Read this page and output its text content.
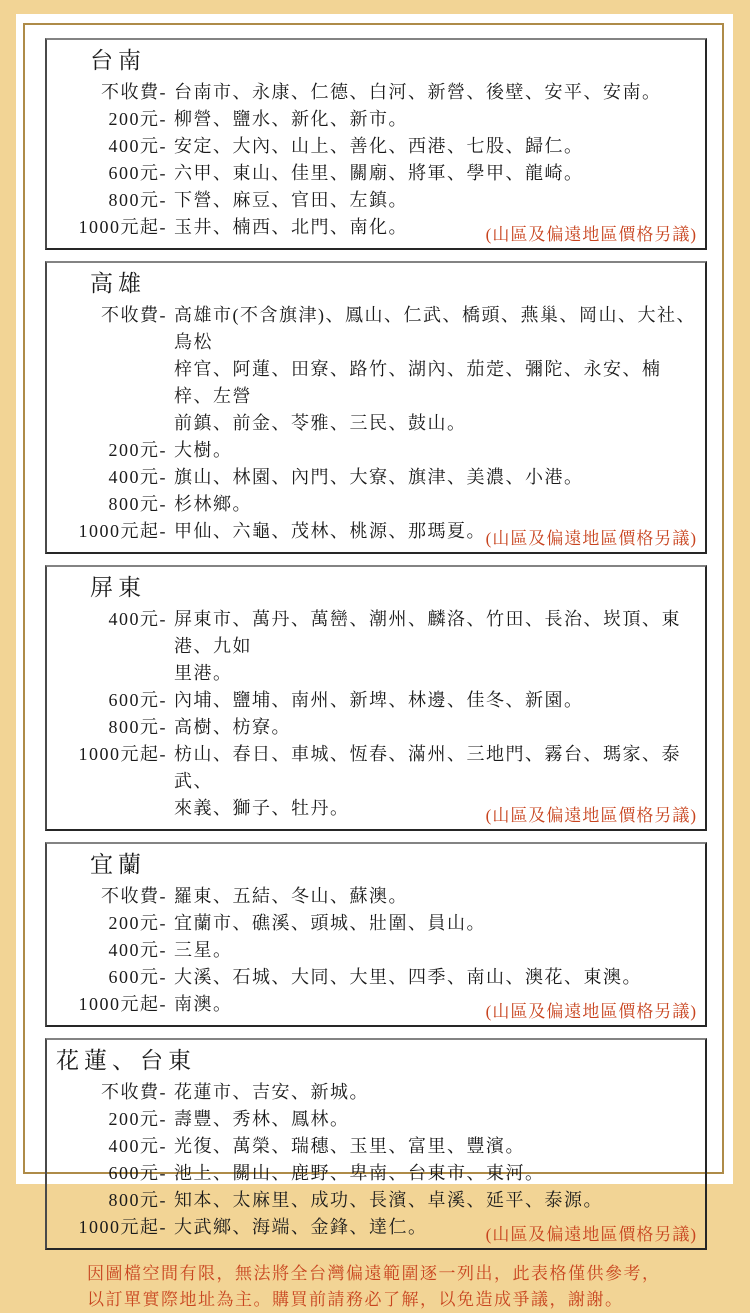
台南
不收費- 台南市、永康、仁德、白河、新營、後壁、安平、安南。
200元- 柳營、鹽水、新化、新市。
400元- 安定、大內、山上、善化、西港、七股、歸仁。
600元- 六甲、東山、佳里、關廟、將軍、學甲、龍崎。
800元- 下營、麻豆、官田、左鎮。
1000元起- 玉井、楠西、北門、南化。	(山區及偏遠地區價格另議)
高雄
不收費- 高雄市(不含旗津)、鳳山、仁武、橋頭、燕巢、岡山、大社、鳥松
梓官、阿蓮、田寮、路竹、湖內、茄萣、彌陀、永安、楠梓、左營
前鎮、前金、苓雅、三民、鼓山。
200元- 大樹。
400元- 旗山、林園、內門、大寮、旗津、美濃、小港。
800元- 杉林鄉。
1000元起- 甲仙、六龜、茂林、桃源、那瑪夏。 (山區及偏遠地區價格另議)
屏東
400元- 屏東市、萬丹、萬巒、潮州、麟洛、竹田、長治、崁頂、東港、九如
里港。
600元- 內埔、鹽埔、南州、新埤、林邊、佳冬、新園。
800元- 高樹、枋寮。
1000元起- 枋山、春日、車城、恆春、滿州、三地門、霧台、瑪家、泰武、
來義、獅子、牡丹。	(山區及偏遠地區價格另議)
宜蘭
不收費- 羅東、五結、冬山、蘇澳。
200元- 宜蘭市、礁溪、頭城、壯圍、員山。
400元- 三星。
600元- 大溪、石城、大同、大里、四季、南山、澳花、東澳。
1000元起- 南澳。	(山區及偏遠地區價格另議)
花蓮、台東
不收費- 花蓮市、吉安、新城。
200元- 壽豐、秀林、鳳林。
400元- 光復、萬榮、瑞穗、玉里、富里、豐濱。
600元- 池上、關山、鹿野、卑南、台東市、東河。
800元- 知本、太麻里、成功、長濱、卓溪、延平、泰源。
1000元起- 大武鄉、海端、金鋒、達仁。	(山區及偏遠地區價格另議)
因圖檔空間有限，無法將全台灣偏遠範圍逐一列出，此表格僅供參考，
以訂單實際地址為主。購買前請務必了解，以免造成爭議，謝謝。
